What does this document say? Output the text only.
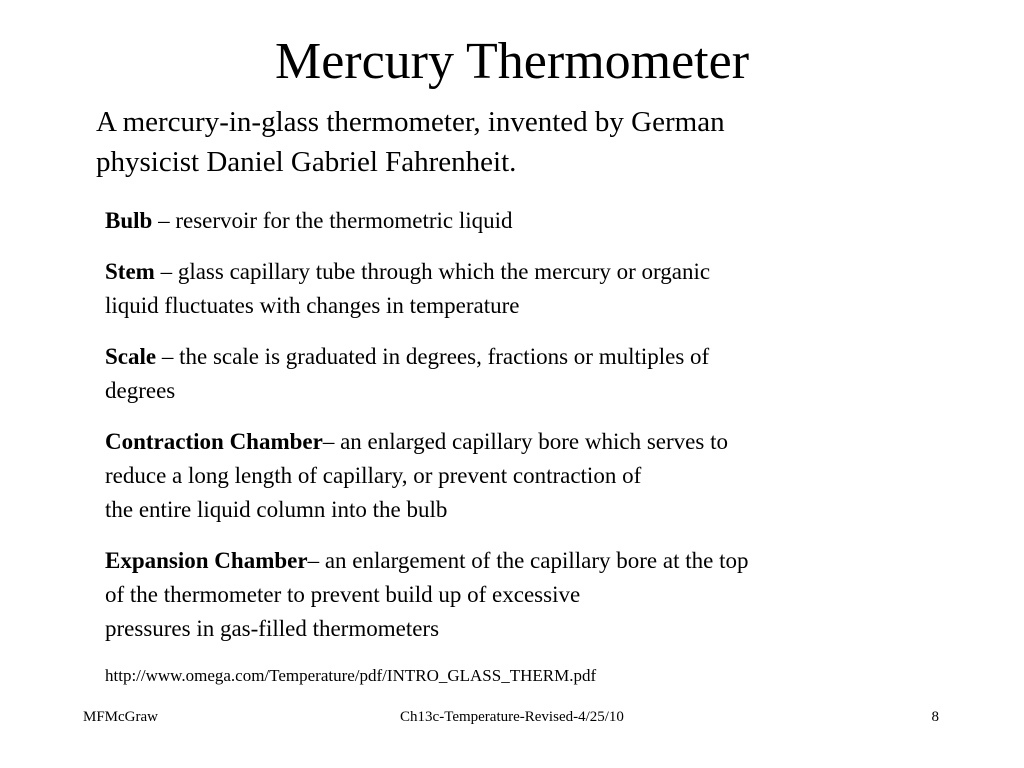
Mercury Thermometer
A mercury-in-glass thermometer, invented by German
physicist Daniel Gabriel Fahrenheit.
Bulb – reservoir for the thermometric liquid
Stem – glass capillary tube through which the mercury or organic
liquid fluctuates with changes in temperature
Scale – the scale is graduated in degrees, fractions or multiples of
degrees
Contraction Chamber– an enlarged capillary bore which serves to
reduce a long length of capillary, or prevent contraction of
the entire liquid column into the bulb
Expansion Chamber– an enlargement of the capillary bore at the top
of the thermometer to prevent build up of excessive
pressures in gas-filled thermometers
http://www.omega.com/Temperature/pdf/INTRO_GLASS_THERM.pdf
MFMcGraw	Ch13c-Temperature-Revised-4/25/10	8
